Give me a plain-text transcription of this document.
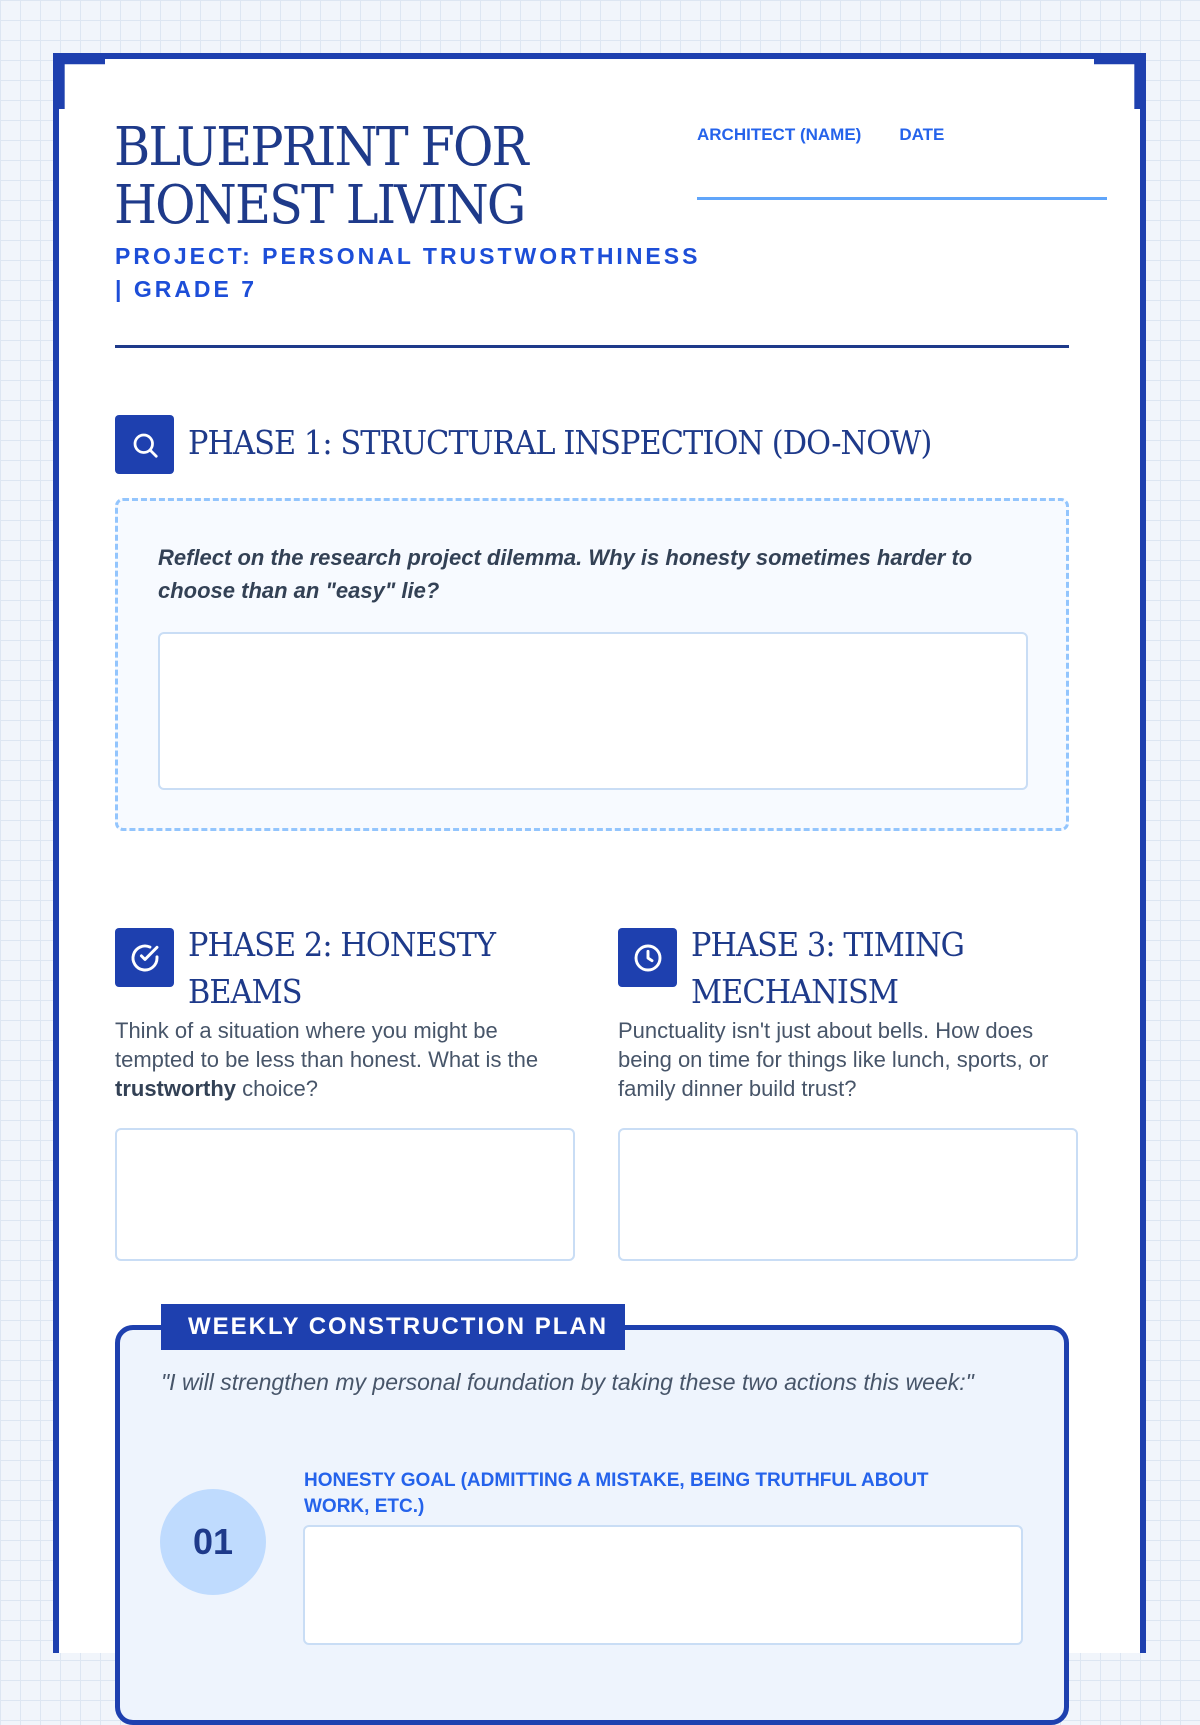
BLUEPRINT FOR
HONEST LIVING
PROJECT: PERSONAL TRUSTWORTHINESS | GRADE 7
ARCHITECT (NAME) DATE
PHASE 1: STRUCTURAL INSPECTION (DO-NOW)
Reflect on the research project dilemma. Why is honesty sometimes harder to choose than an "easy" lie?
PHASE 2: HONESTY BEAMS
Think of a situation where you might be tempted to be less than honest. What is the trustworthy choice?
PHASE 3: TIMING MECHANISM
Punctuality isn't just about bells. How does being on time for things like lunch, sports, or family dinner build trust?
WEEKLY CONSTRUCTION PLAN
"I will strengthen my personal foundation by taking these two actions this week:"
01
HONESTY GOAL (ADMITTING A MISTAKE, BEING TRUTHFUL ABOUT WORK, ETC.)
